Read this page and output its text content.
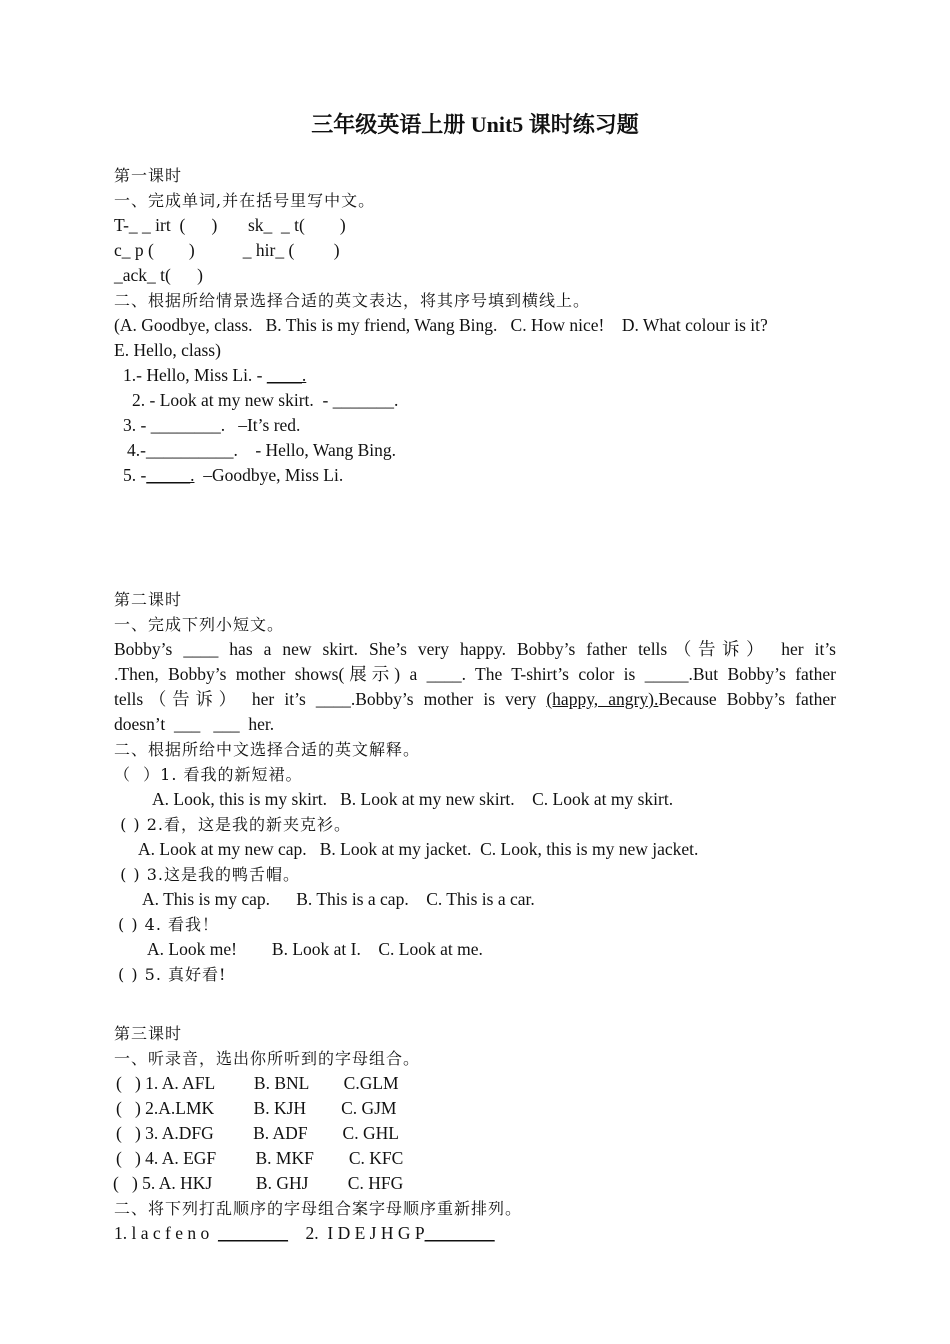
三年级英语上册 Unit5 课时练习题
第一课时
一、完成单词,并在括号里写中文。
T-_ _ irt  (      )       sk_  _ t(        )
c_ p (        )           _ hir_ (         )
_ack_ t(      )
二、根据所给情景选择合适的英文表达，将其序号填到横线上。
(A. Goodbye, class.   B. This is my friend, Wang Bing.   C. How nice!    D. What colour is it?
E. Hello, class)
1.- Hello, Miss Li. - ____.
2. - Look at my new skirt.  - _______.
3. - ________.   –It’s red.
4.-__________.    - Hello, Wang Bing.
5. -_____.  –Goodbye, Miss Li.
第二课时
一、完成下列小短文。
Bobby’s ____ has a new skirt. She’s very happy. Bobby’s father tells（告诉） her it’s
.Then, Bobby’s mother shows(展示) a ____. The T-shirt’s color is _____.But Bobby’s father
tells（告诉） her it’s ____.Bobby’s mother is very (happy, angry).Because Bobby’s father
doesn’t  ___   ___  her.
二、根据所给中文选择合适的英文解释。
（  ）1. 看我的新短裙。
A. Look, this is my skirt.   B. Look at my new skirt.    C. Look at my skirt.
( ) 2.看，这是我的新夹克衫。
A. Look at my new cap.   B. Look at my jacket.  C. Look, this is my new jacket.
( ) 3.这是我的鸭舌帽。
A. This is my cap.      B. This is a cap.    C. This is a car.
( ) 4. 看我！
A. Look me!        B. Look at I.    C. Look at me.
( ) 5. 真好看!
第三课时
一、听录音，选出你所听到的字母组合。
(   ) 1. A. AFL         B. BNL        C.GLM
(   ) 2.A.LMK         B. KJH        C. GJM
(   ) 3. A.DFG         B. ADF        C. GHL
(   ) 4. A. EGF         B. MKF        C. KFC
(   ) 5. A. HKJ          B. GHJ         C. HFG
二、将下列打乱顺序的字母组合案字母顺序重新排列。
1. l a c f e n o  ________    2.  I D E J H G P________
